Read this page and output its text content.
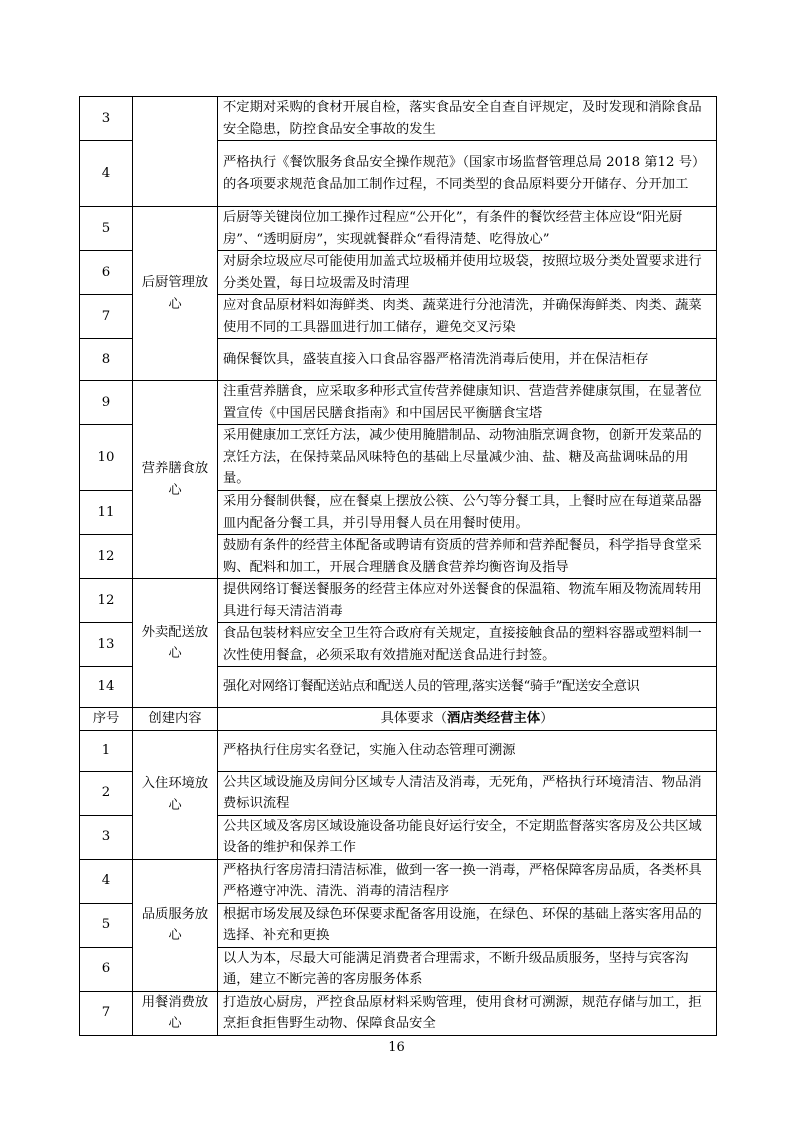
3		不定期对采购的食材开展自检，落实食品安全自查自评规定，及时发现和消除食品安全隐患，防控食品安全事故的发生
4		严格执行《餐饮服务食品安全操作规范》（国家市场监督管理总局 2018 第12 号）的各项要求规范食品加工制作过程，不同类型的食品原料要分开储存、分开加工
5	后厨管理放心	后厨等关键岗位加工操作过程应“公开化”，有条件的餐饮经营主体应设“阳光厨房”、“透明厨房”，实现就餐群众“看得清楚、吃得放心”
6		对厨余垃圾应尽可能使用加盖式垃圾桶并使用垃圾袋，按照垃圾分类处置要求进行分类处置，每日垃圾需及时清理
7		应对食品原材料如海鲜类、肉类、蔬菜进行分池清洗，并确保海鲜类、肉类、蔬菜使用不同的工具器皿进行加工储存，避免交叉污染
8		确保餐饮具，盛装直接入口食品容器严格清洗消毒后使用，并在保洁柜存
9	营养膳食放心	注重营养膳食，应采取多种形式宣传营养健康知识、营造营养健康氛围，在显著位置宣传《中国居民膳食指南》和中国居民平衡膳食宝塔
10		采用健康加工烹饪方法，减少使用腌腊制品、动物油脂烹调食物，创新开发菜品的烹饪方法，在保持菜品风味特色的基础上尽量减少油、盐、糖及高盐调味品的用量。
11		采用分餐制供餐，应在餐桌上摆放公筷、公勺等分餐工具，上餐时应在每道菜品器皿内配备分餐工具，并引导用餐人员在用餐时使用。
12		鼓励有条件的经营主体配备或聘请有资质的营养师和营养配餐员，科学指导食堂采购、配料和加工，开展合理膳食及膳食营养均衡咨询及指导
12	外卖配送放心	提供网络订餐送餐服务的经营主体应对外送餐食的保温箱、物流车厢及物流周转用具进行每天清洁消毒
13		食品包装材料应安全卫生符合政府有关规定，直接接触食品的塑料容器或塑料制一次性使用餐盒，必须采取有效措施对配送食品进行封签。
14		强化对网络订餐配送站点和配送人员的管理,落实送餐“骑手”配送安全意识
序号	创建内容	具体要求（酒店类经营主体）
1	入住环境放心	严格执行住房实名登记，实施入住动态管理可溯源
2		公共区域设施及房间分区域专人清洁及消毒，无死角，严格执行环境清洁、物品消费标识流程
3		公共区域及客房区域设施设备功能良好运行安全，不定期监督落实客房及公共区域设备的维护和保养工作
4	品质服务放心	严格执行客房清扫清洁标准，做到一客一换一消毒，严格保障客房品质，各类杯具严格遵守冲洗、清洗、消毒的清洁程序
5		根据市场发展及绿色环保要求配备客用设施，在绿色、环保的基础上落实客用品的选择、补充和更换
6		以人为本，尽最大可能满足消费者合理需求，不断升级品质服务，坚持与宾客沟通，建立不断完善的客房服务体系
7	用餐消费放心	打造放心厨房，严控食品原材料采购管理，使用食材可溯源，规范存储与加工，拒烹拒食拒售野生动物、保障食品安全
16
